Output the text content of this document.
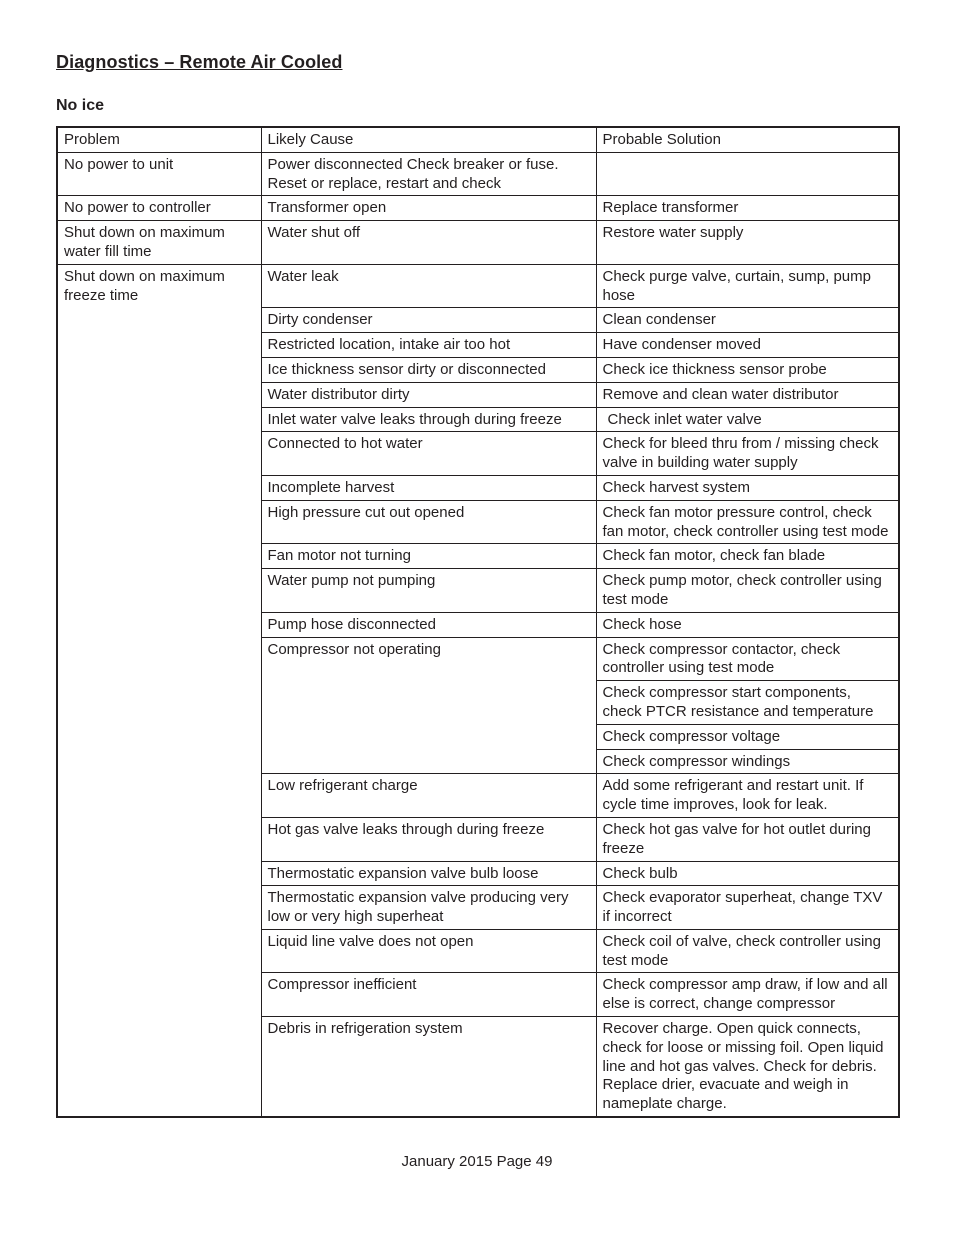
Diagnostics – Remote Air Cooled
No ice
Problem	Likely Cause	Probable Solution
No power to unit	Power disconnected Check breaker or fuse. Reset or replace, restart and check	
No power to controller	Transformer open	Replace transformer
Shut down on maximum water fill time	Water shut off	Restore water supply
Shut down on maximum freeze time	Water leak	Check purge valve, curtain, sump, pump hose
	Dirty condenser	Clean condenser
	Restricted location, intake air too hot	Have condenser moved
	Ice thickness sensor dirty or disconnected	Check ice thickness sensor probe
	Water distributor dirty	Remove and clean water distributor
	Inlet water valve leaks through during freeze	Check inlet water valve
	Connected to hot water	Check for bleed thru from / missing check valve in building water supply
	Incomplete harvest	Check harvest system
	High pressure cut out opened	Check fan motor pressure control, check fan motor, check controller using test mode
	Fan motor not turning	Check fan motor, check fan blade
	Water pump not pumping	Check pump motor, check controller using test mode
	Pump hose disconnected	Check hose
	Compressor not operating	Check compressor contactor, check controller using test mode
		Check compressor start components, check PTCR resistance and temperature
		Check compressor voltage
		Check compressor windings
	Low refrigerant charge	Add some refrigerant and restart unit. If cycle time improves, look for leak.
	Hot gas valve leaks through during freeze	Check hot gas valve for hot outlet during freeze
	Thermostatic expansion valve bulb loose	Check bulb
	Thermostatic expansion valve producing very low or very high superheat	Check evaporator superheat, change TXV if incorrect
	Liquid line valve does not open	Check coil of valve, check controller using test mode
	Compressor inefficient	Check compressor amp draw, if low and all else is correct, change compressor
	Debris in refrigeration system	Recover charge. Open quick connects, check for loose or missing foil. Open liquid line and hot gas valves. Check for debris. Replace drier, evacuate and weigh in nameplate charge.

January 2015 Page 49
